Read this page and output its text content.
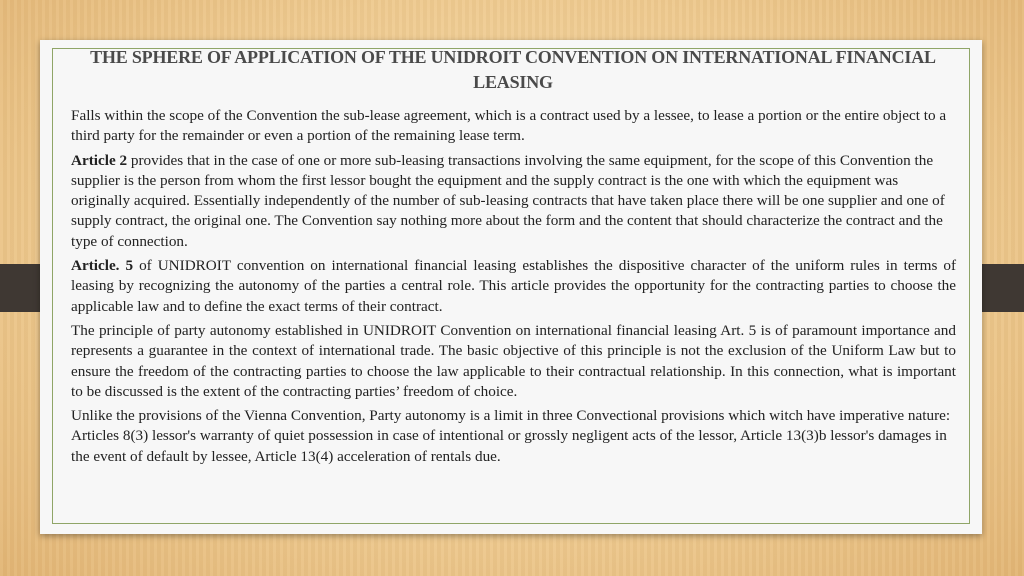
THE SPHERE OF APPLICATION OF THE UNIDROIT CONVENTION ON INTERNATIONAL FINANCIAL LEASING

Falls within the scope of the Convention the sub-lease agreement, which is a contract used by a lessee, to lease a portion or the entire object to a third party for the remainder or even a portion of the remaining lease term.

Article 2 provides that in the case of one or more sub-leasing transactions involving the same equipment, for the scope of this Convention the supplier is the person from whom the first lessor bought the equipment and the supply contract is the one with which the equipment was originally acquired. Essentially independently of the number of sub-leasing contracts that have taken place there will be one supplier and one of supply contract, the original one. The Convention say nothing more about the form and the content that should characterize the contract and the type of connection.

Article. 5 of UNIDROIT convention on international financial leasing establishes the dispositive character of the uniform rules in terms of leasing by recognizing the autonomy of the parties a central role. This article provides the opportunity for the contracting parties to choose the applicable law and to define the exact terms of their contract.

The principle of party autonomy established in UNIDROIT Convention on international financial leasing Art. 5 is of paramount importance and represents a guarantee in the context of international trade. The basic objective of this principle is not the exclusion of the Uniform Law but to ensure the freedom of the contracting parties to choose the law applicable to their contractual relationship. In this connection, what is important to be discussed is the extent of the contracting parties’ freedom of choice.

Unlike the provisions of the Vienna Convention, Party autonomy is a limit in three Convectional provisions which witch have imperative nature: Articles 8(3) lessor's warranty of quiet possession in case of intentional or grossly negligent acts of the lessor, Article 13(3)b lessor's damages in the event of default by lessee, Article 13(4) acceleration of rentals due.
